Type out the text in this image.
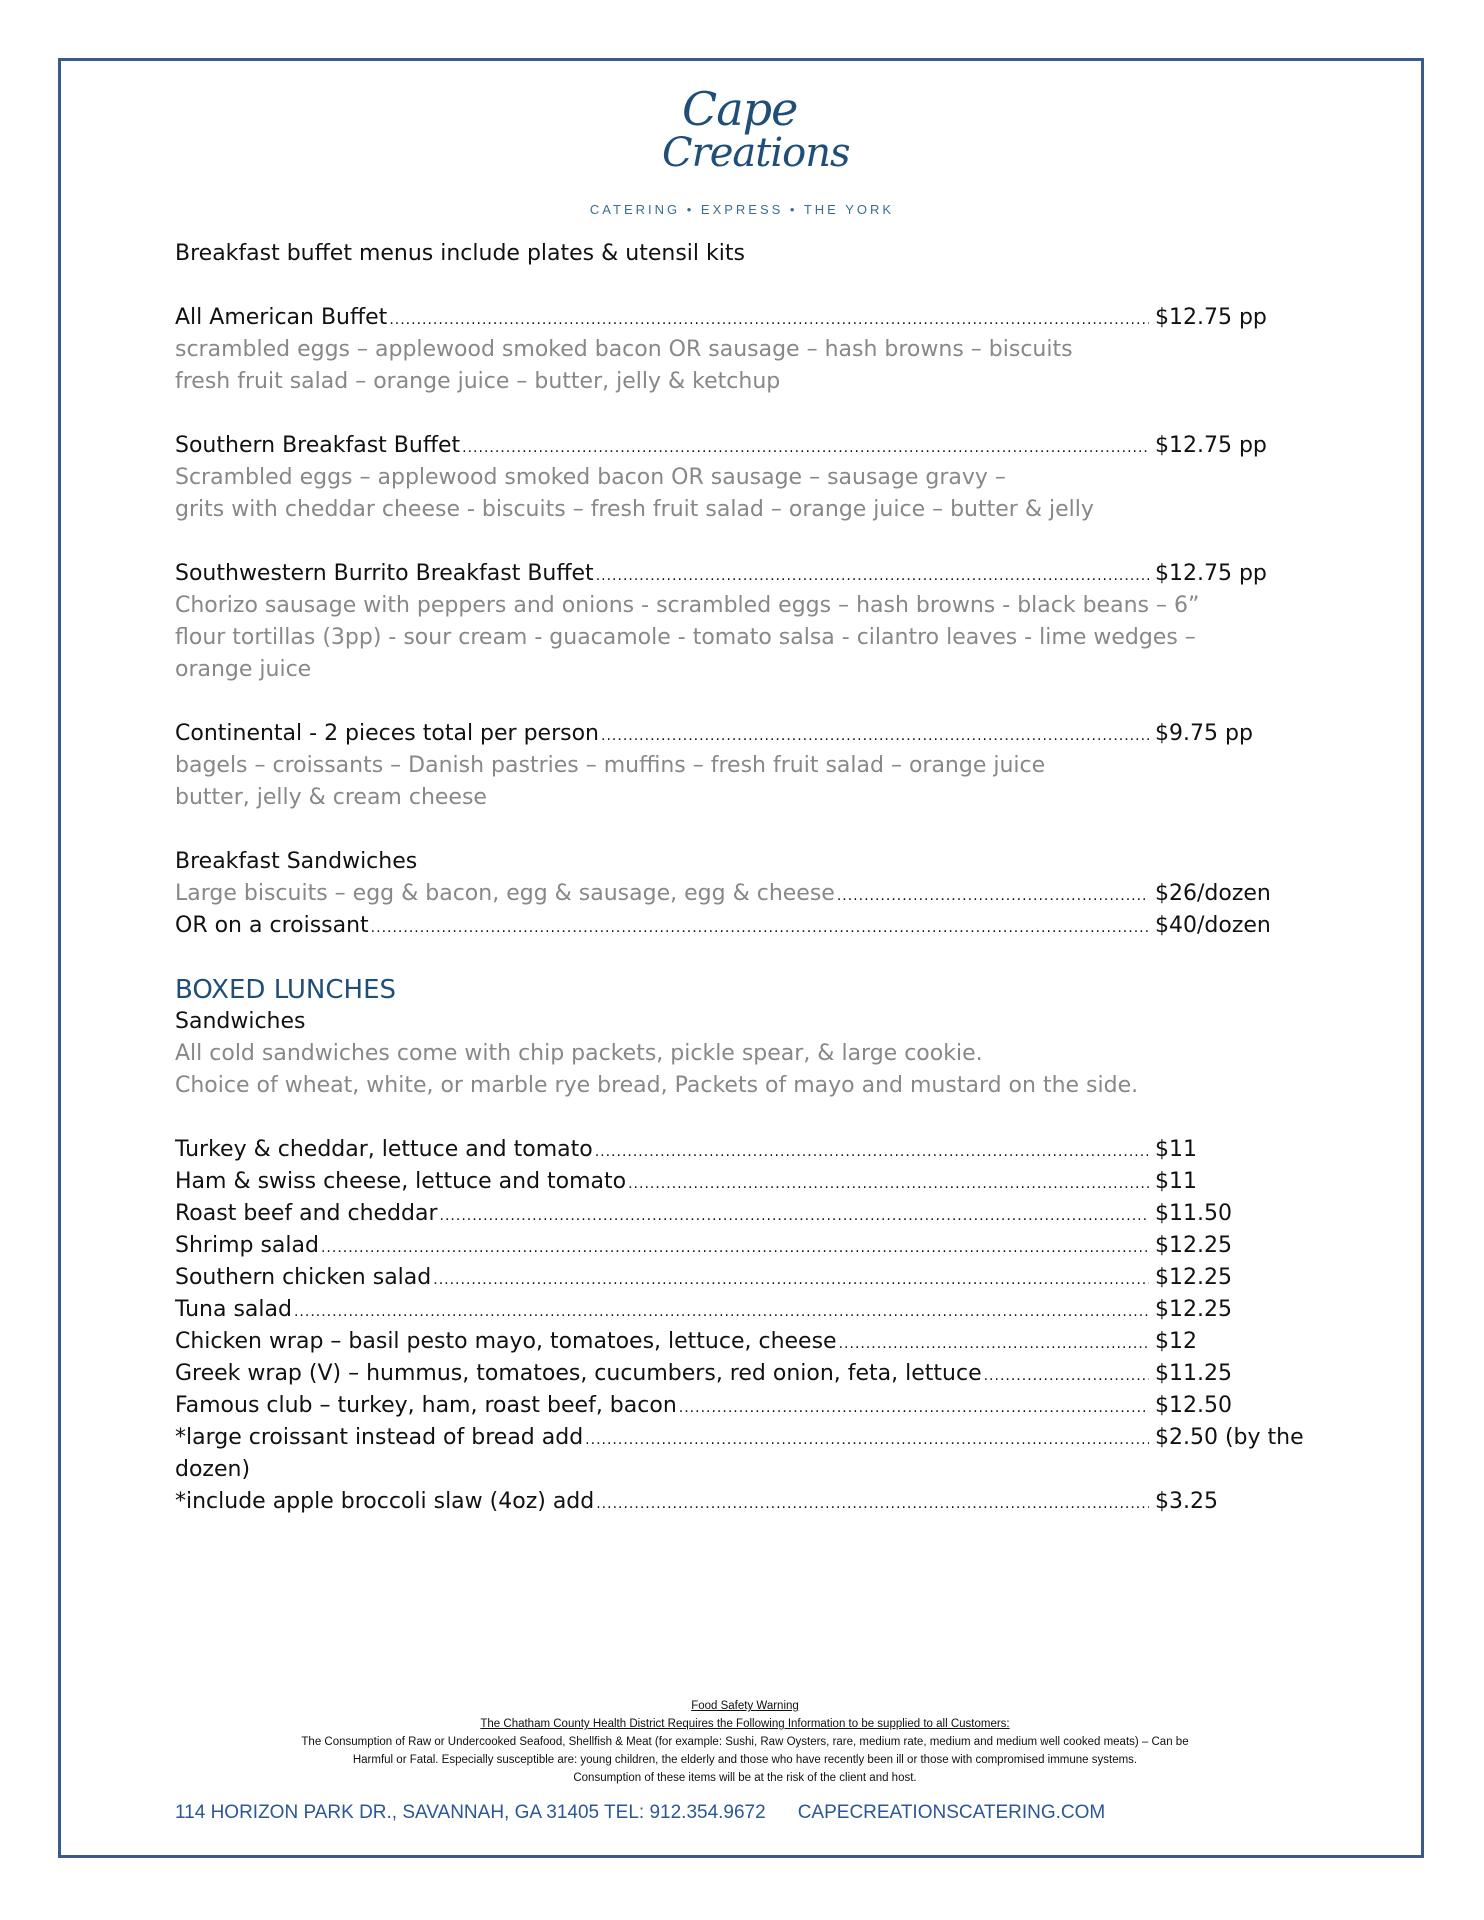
Cape
Creations
CATERING • EXPRESS • THE YORK
Breakfast buffet menus include plates & utensil kits
All American Buffet .....	$12.75 pp
scrambled eggs – applewood smoked bacon OR sausage – hash browns – biscuits
fresh fruit salad – orange juice – butter, jelly & ketchup
Southern Breakfast Buffet .....	$12.75 pp
Scrambled eggs – applewood smoked bacon OR sausage – sausage gravy –
grits with cheddar cheese - biscuits – fresh fruit salad – orange juice – butter & jelly
Southwestern Burrito Breakfast Buffet .....	$12.75 pp
Chorizo sausage with peppers and onions - scrambled eggs – hash browns - black beans – 6”
flour tortillas (3pp) - sour cream - guacamole - tomato salsa - cilantro leaves - lime wedges –
orange juice
Continental - 2 pieces total per person .....	$9.75 pp
bagels – croissants – Danish pastries – muffins – fresh fruit salad – orange juice
butter, jelly & cream cheese
Breakfast Sandwiches
Large biscuits – egg & bacon, egg & sausage, egg & cheese .....	$26/dozen
OR on a croissant .....	$40/dozen
BOXED LUNCHES
Sandwiches
All cold sandwiches come with chip packets, pickle spear, & large cookie.
Choice of wheat, white, or marble rye bread, Packets of mayo and mustard on the side.
Turkey & cheddar, lettuce and tomato .....	$11
Ham & swiss cheese, lettuce and tomato .....	$11
Roast beef and cheddar .....	$11.50
Shrimp salad .....	$12.25
Southern chicken salad .....	$12.25
Tuna salad .....	$12.25
Chicken wrap – basil pesto mayo, tomatoes, lettuce, cheese .....	$12
Greek wrap (V) – hummus, tomatoes, cucumbers, red onion, feta, lettuce .....	$11.25
Famous club – turkey, ham, roast beef, bacon .....	$12.50
*large croissant instead of bread add .....	$2.50 (by the
dozen)
*include apple broccoli slaw (4oz) add .....	$3.25
Food Safety Warning
The Chatham County Health District Requires the Following Information to be supplied to all Customers:
The Consumption of Raw or Undercooked Seafood, Shellfish & Meat (for example: Sushi, Raw Oysters, rare, medium rate, medium and medium well cooked meats) – Can be
Harmful or Fatal. Especially susceptible are: young children, the elderly and those who have recently been ill or those with compromised immune systems.
Consumption of these items will be at the risk of the client and host.
114 HORIZON PARK DR., SAVANNAH, GA 31405 TEL: 912.354.9672 CAPECREATIONSCATERING.COM
